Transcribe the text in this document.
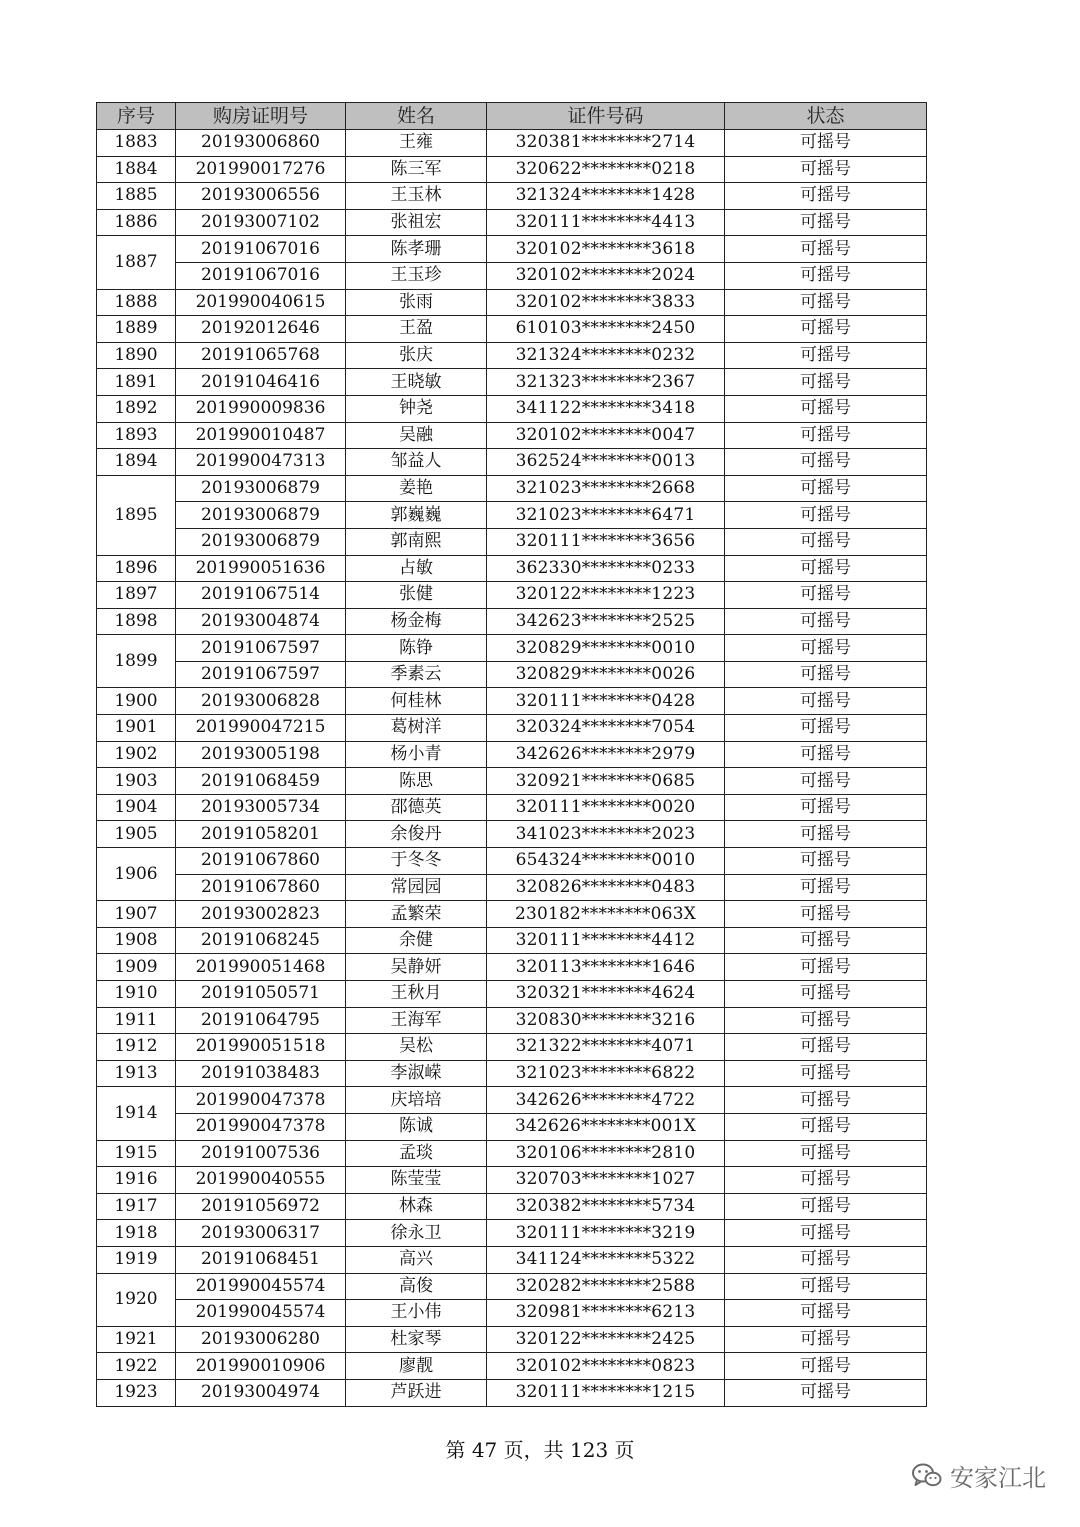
序号	购房证明号	姓名	证件号码	状态
1883	20193006860	王雍	320381********2714	可摇号
1884	201990017276	陈三军	320622********0218	可摇号
1885	20193006556	王玉林	321324********1428	可摇号
1886	20193007102	张祖宏	320111********4413	可摇号
1887	20191067016	陈孝珊	320102********3618	可摇号
	20191067016	王玉珍	320102********2024	可摇号
1888	201990040615	张雨	320102********3833	可摇号
1889	20192012646	王盈	610103********2450	可摇号
1890	20191065768	张庆	321324********0232	可摇号
1891	20191046416	王晓敏	321323********2367	可摇号
1892	201990009836	钟尧	341122********3418	可摇号
1893	201990010487	吴融	320102********0047	可摇号
1894	201990047313	邹益人	362524********0013	可摇号
1895	20193006879	姜艳	321023********2668	可摇号
	20193006879	郭巍巍	321023********6471	可摇号
	20193006879	郭南熙	320111********3656	可摇号
1896	201990051636	占敏	362330********0233	可摇号
1897	20191067514	张健	320122********1223	可摇号
1898	20193004874	杨金梅	342623********2525	可摇号
1899	20191067597	陈铮	320829********0010	可摇号
	20191067597	季素云	320829********0026	可摇号
1900	20193006828	何桂林	320111********0428	可摇号
1901	201990047215	葛树洋	320324********7054	可摇号
1902	20193005198	杨小青	342626********2979	可摇号
1903	20191068459	陈思	320921********0685	可摇号
1904	20193005734	邵德英	320111********0020	可摇号
1905	20191058201	余俊丹	341023********2023	可摇号
1906	20191067860	于冬冬	654324********0010	可摇号
	20191067860	常园园	320826********0483	可摇号
1907	20193002823	孟繁荣	230182********063X	可摇号
1908	20191068245	余健	320111********4412	可摇号
1909	201990051468	吴静妍	320113********1646	可摇号
1910	20191050571	王秋月	320321********4624	可摇号
1911	20191064795	王海军	320830********3216	可摇号
1912	201990051518	吴松	321322********4071	可摇号
1913	20191038483	李淑嵘	321023********6822	可摇号
1914	201990047378	庆培培	342626********4722	可摇号
	201990047378	陈诚	342626********001X	可摇号
1915	20191007536	孟琰	320106********2810	可摇号
1916	201990040555	陈莹莹	320703********1027	可摇号
1917	20191056972	林森	320382********5734	可摇号
1918	20193006317	徐永卫	320111********3219	可摇号
1919	20191068451	高兴	341124********5322	可摇号
1920	201990045574	高俊	320282********2588	可摇号
	201990045574	王小伟	320981********6213	可摇号
1921	20193006280	杜家琴	320122********2425	可摇号
1922	201990010906	廖靓	320102********0823	可摇号
1923	20193004974	芦跃进	320111********1215	可摇号
第 47 页，共 123 页
安家江北
